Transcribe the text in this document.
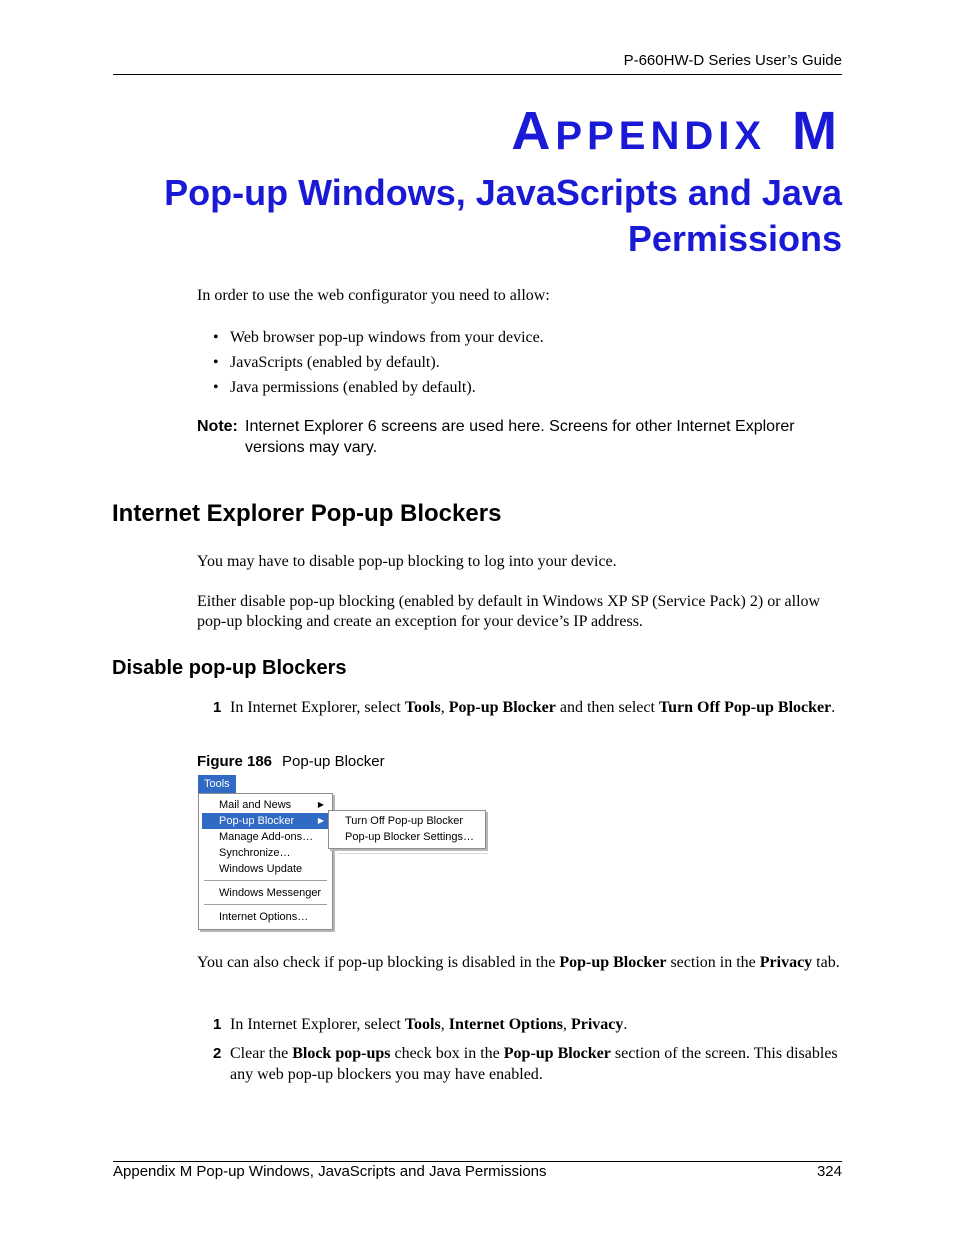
P-660HW-D Series User’s Guide
APPENDIX M
Pop-up Windows, JavaScripts and Java Permissions
In order to use the web configurator you need to allow:
• Web browser pop-up windows from your device.
• JavaScripts (enabled by default).
• Java permissions (enabled by default).
Note: Internet Explorer 6 screens are used here. Screens for other Internet Explorer versions may vary.
Internet Explorer Pop-up Blockers
You may have to disable pop-up blocking to log into your device.
Either disable pop-up blocking (enabled by default in Windows XP SP (Service Pack) 2) or allow pop-up blocking and create an exception for your device’s IP address.
Disable pop-up Blockers
1 In Internet Explorer, select Tools, Pop-up Blocker and then select Turn Off Pop-up Blocker.
Figure 186 Pop-up Blocker
Tools
Mail and News	▶
Pop-up Blocker	▶
Manage Add-ons…
Synchronize…
Windows Update
Windows Messenger
Internet Options…
Turn Off Pop-up Blocker
Pop-up Blocker Settings…
You can also check if pop-up blocking is disabled in the Pop-up Blocker section in the Privacy tab.
1 In Internet Explorer, select Tools, Internet Options, Privacy.
2 Clear the Block pop-ups check box in the Pop-up Blocker section of the screen. This disables any web pop-up blockers you may have enabled.
Appendix M Pop-up Windows, JavaScripts and Java Permissions	324
